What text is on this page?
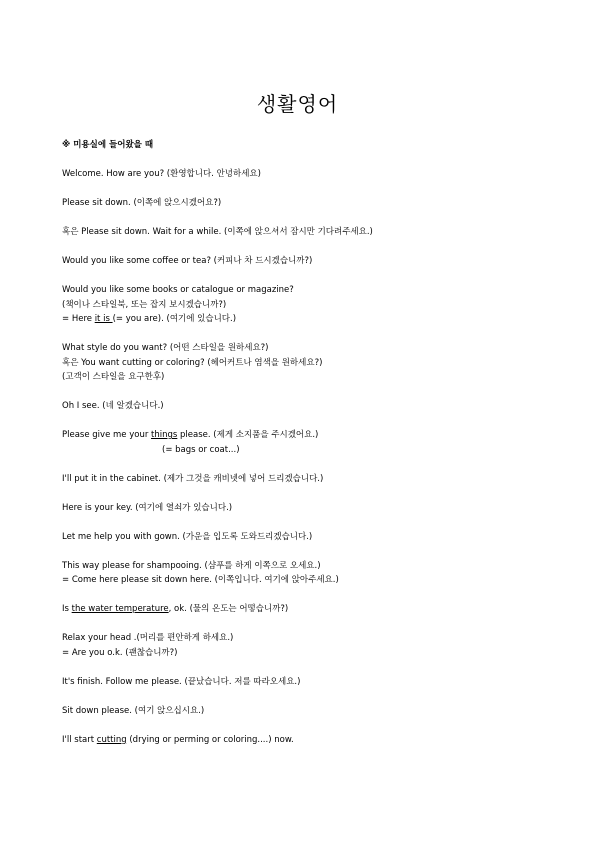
생활영어
※ 미용실에 들어왔을 때
Welcome. How are you? (환영합니다. 안녕하세요)
Please sit down. (이쪽에 앉으시겠어요?)
혹은 Please sit down. Wait for a while. (이쪽에 앉으셔서 잠시만 기다려주세요.)
Would you like some coffee or tea? (커피나 차 드시겠습니까?)
Would you like some books or catalogue or magazine?
(책이나 스타일북, 또는 잡지 보시겠습니까?)
= Here it is (= you are). (여기에 있습니다.)
What style do you want? (어떤 스타일을 원하세요?)
혹은 You want cutting or coloring? (헤어커트나 염색을 원하세요?)
(고객이 스타일을 요구한후)
Oh I see. (네 알겠습니다.)
Please give me your things please. (제게 소지품을 주시겠어요.)
(= bags or coat...)
I'll put it in the cabinet. (제가 그것을 캐비넷에 넣어 드리겠습니다.)
Here is your key. (여기에 열쇠가 있습니다.)
Let me help you with gown. (가운을 입도록 도와드리겠습니다.)
This way please for shampooing. (샴푸를 하게 이쪽으로 오세요.)
= Come here please sit down here. (이쪽입니다. 여기에 앉아주세요.)
Is the water temperature, ok. (물의 온도는 어떻습니까?)
Relax your head .(머리를 편안하게 하세요.)
= Are you o.k. (괜찮습니까?)
It's finish. Follow me please. (끝났습니다. 저를 따라오세요.)
Sit down please. (여기 앉으십시요.)
I'll start cutting (drying or perming or coloring....) now.
